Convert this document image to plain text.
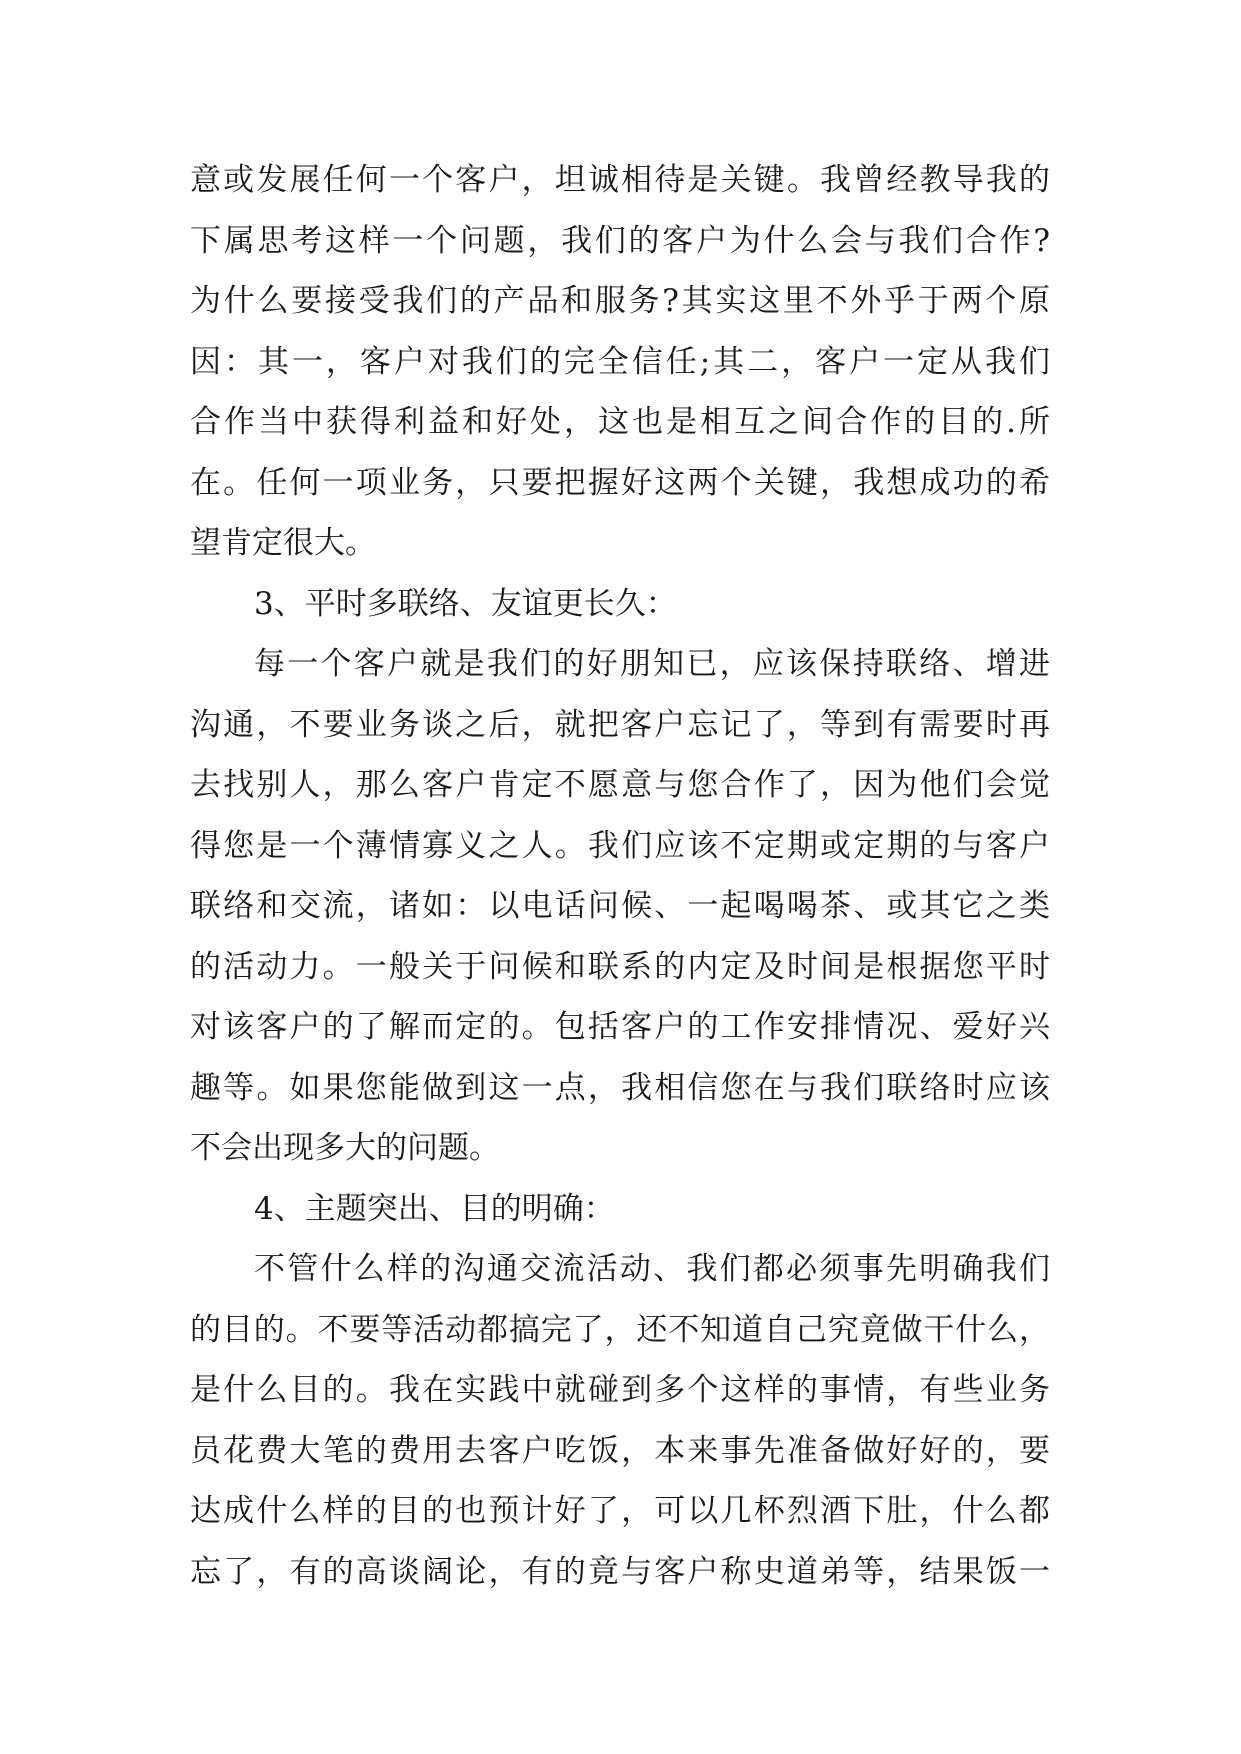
意或发展任何一个客户，坦诚相待是关键。我曾经教导我的
下属思考这样一个问题，我们的客户为什么会与我们合作?
为什么要接受我们的产品和服务?其实这里不外乎于两个原
因：其一，客户对我们的完全信任;其二，客户一定从我们
合作当中获得利益和好处，这也是相互之间合作的目的.所
在。任何一项业务，只要把握好这两个关键，我想成功的希
望肯定很大。
3、平时多联络、友谊更长久：
每一个客户就是我们的好朋知已，应该保持联络、增进
沟通，不要业务谈之后，就把客户忘记了，等到有需要时再
去找别人，那么客户肯定不愿意与您合作了，因为他们会觉
得您是一个薄情寡义之人。我们应该不定期或定期的与客户
联络和交流，诸如：以电话问候、一起喝喝茶、或其它之类
的活动力。一般关于问候和联系的内定及时间是根据您平时
对该客户的了解而定的。包括客户的工作安排情况、爱好兴
趣等。如果您能做到这一点，我相信您在与我们联络时应该
不会出现多大的问题。
4、主题突出、目的明确：
不管什么样的沟通交流活动、我们都必须事先明确我们
的目的。不要等活动都搞完了，还不知道自己究竟做干什么，
是什么目的。我在实践中就碰到多个这样的事情，有些业务
员花费大笔的费用去客户吃饭，本来事先准备做好好的，要
达成什么样的目的也预计好了，可以几杯烈酒下肚，什么都
忘了，有的高谈阔论，有的竟与客户称史道弟等，结果饭一
